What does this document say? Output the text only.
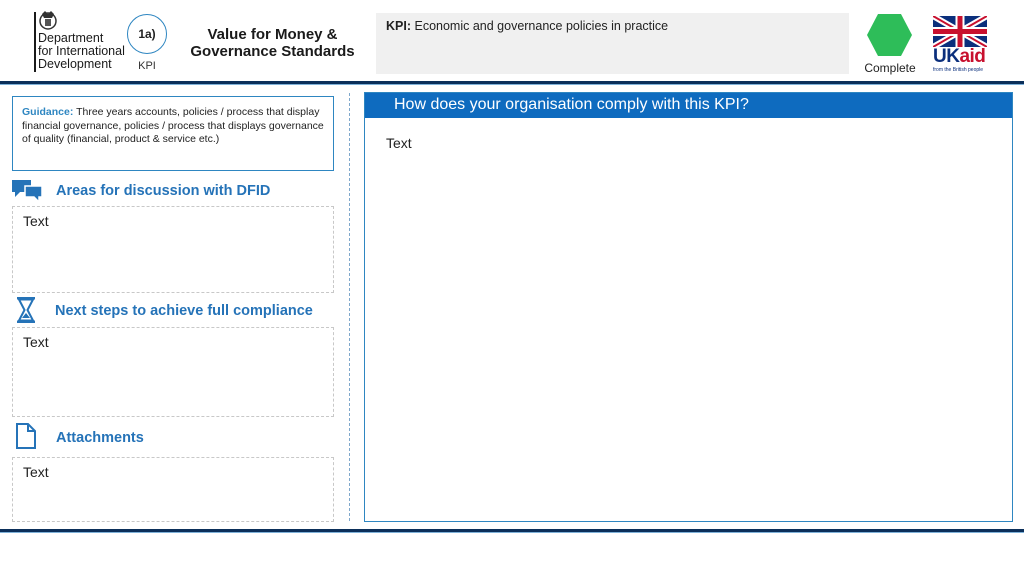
Department
for International
Development
1a)
KPI
Value for Money &
Governance Standards
KPI: Economic and governance policies in practice
Complete
UKaid
from the British people
Guidance: Three years accounts, policies / process that display financial governance, policies / process that displays governance of quality (financial, product & service etc.)
Areas for discussion with DFID
Text
Next steps to achieve full compliance
Text
Attachments
Text
How does your organisation comply with this KPI?
Text
